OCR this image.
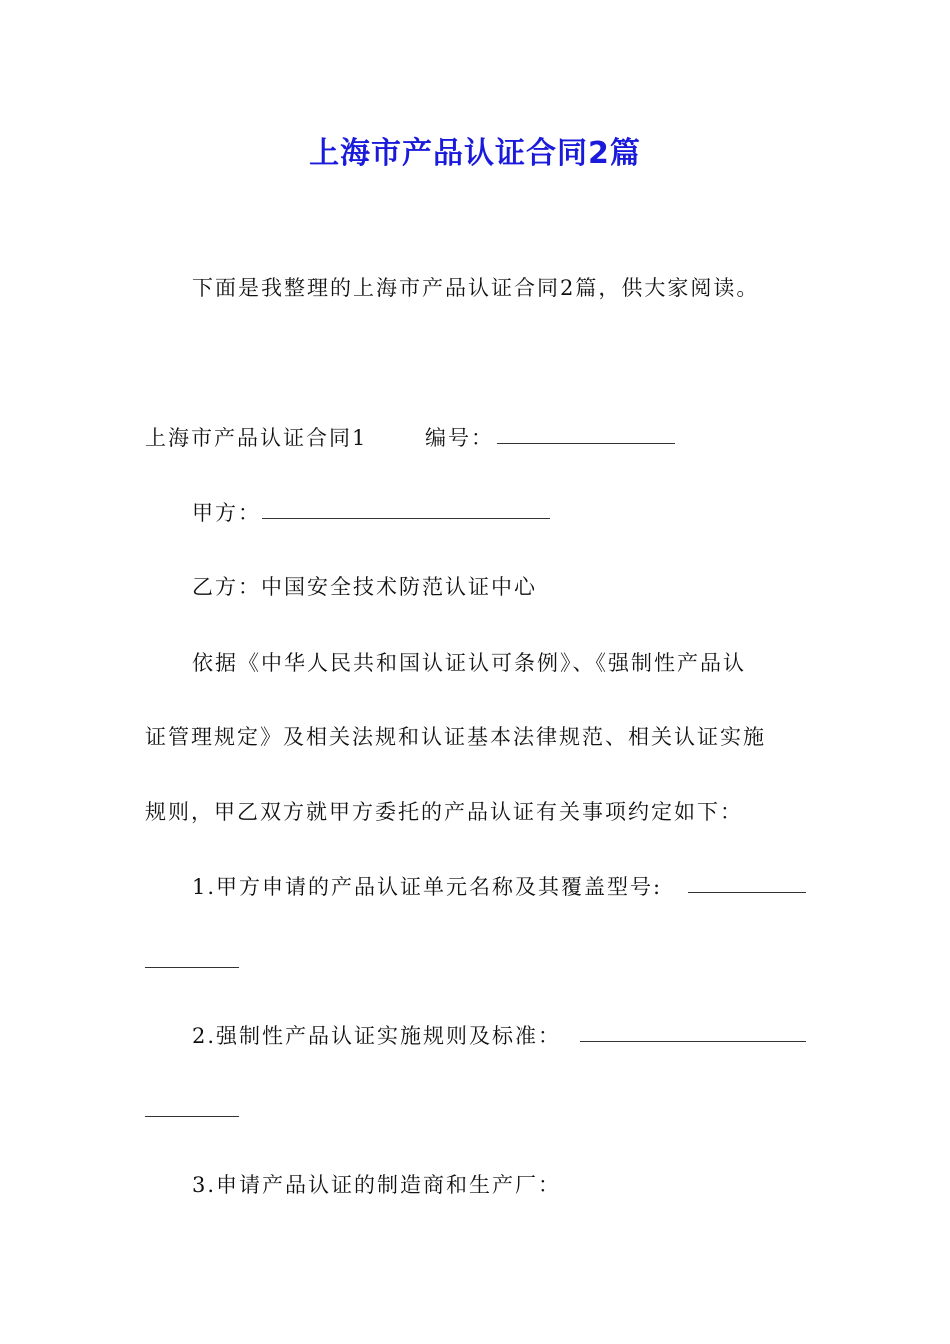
上海市产品认证合同2篇
下面是我整理的上海市产品认证合同2篇，供大家阅读。
上海市产品认证合同1	编号：
甲方：
乙方：中国安全技术防范认证中心
依据《中华人民共和国认证认可条例》、《强制性产品认
证管理规定》及相关法规和认证基本法律规范、相关认证实施
规则，甲乙双方就甲方委托的产品认证有关事项约定如下：
1.甲方申请的产品认证单元名称及其覆盖型号:
2.强制性产品认证实施规则及标准：
3.申请产品认证的制造商和生产厂：
